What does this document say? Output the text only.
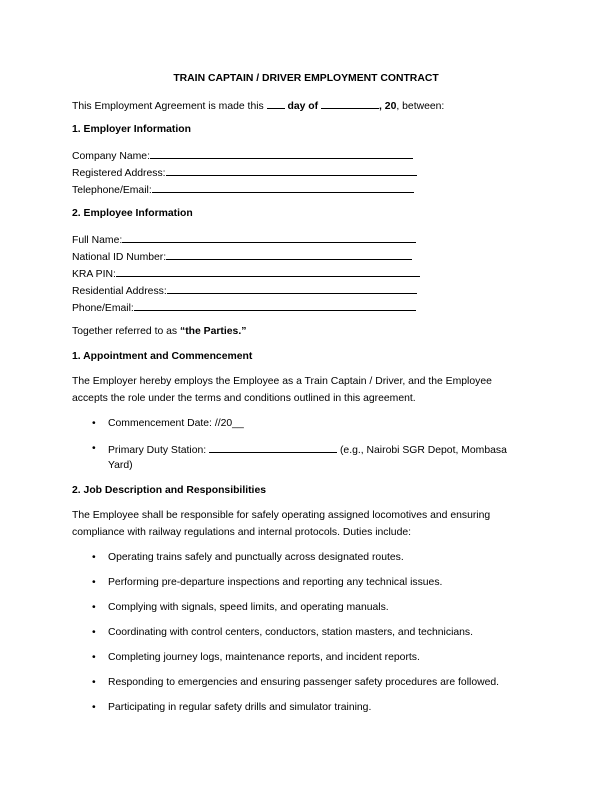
TRAIN CAPTAIN / DRIVER EMPLOYMENT CONTRACT
This Employment Agreement is made this day of	, 20, between:
1. Employer Information
Company Name:
Registered Address:
Telephone/Email:
2. Employee Information
Full Name:
National ID Number:
KRA PIN:
Residential Address:
Phone/Email:
Together referred to as “the Parties.”
1. Appointment and Commencement
The Employer hereby employs the Employee as a Train Captain / Driver, and the Employee
accepts the role under the terms and conditions outlined in this agreement.
• Commencement Date: //20__
• Primary Duty Station:	(e.g., Nairobi SGR Depot, Mombasa
Yard)
2. Job Description and Responsibilities
The Employee shall be responsible for safely operating assigned locomotives and ensuring
compliance with railway regulations and internal protocols. Duties include:
• Operating trains safely and punctually across designated routes.
• Performing pre-departure inspections and reporting any technical issues.
• Complying with signals, speed limits, and operating manuals.
• Coordinating with control centers, conductors, station masters, and technicians.
• Completing journey logs, maintenance reports, and incident reports.
• Responding to emergencies and ensuring passenger safety procedures are followed.
• Participating in regular safety drills and simulator training.
